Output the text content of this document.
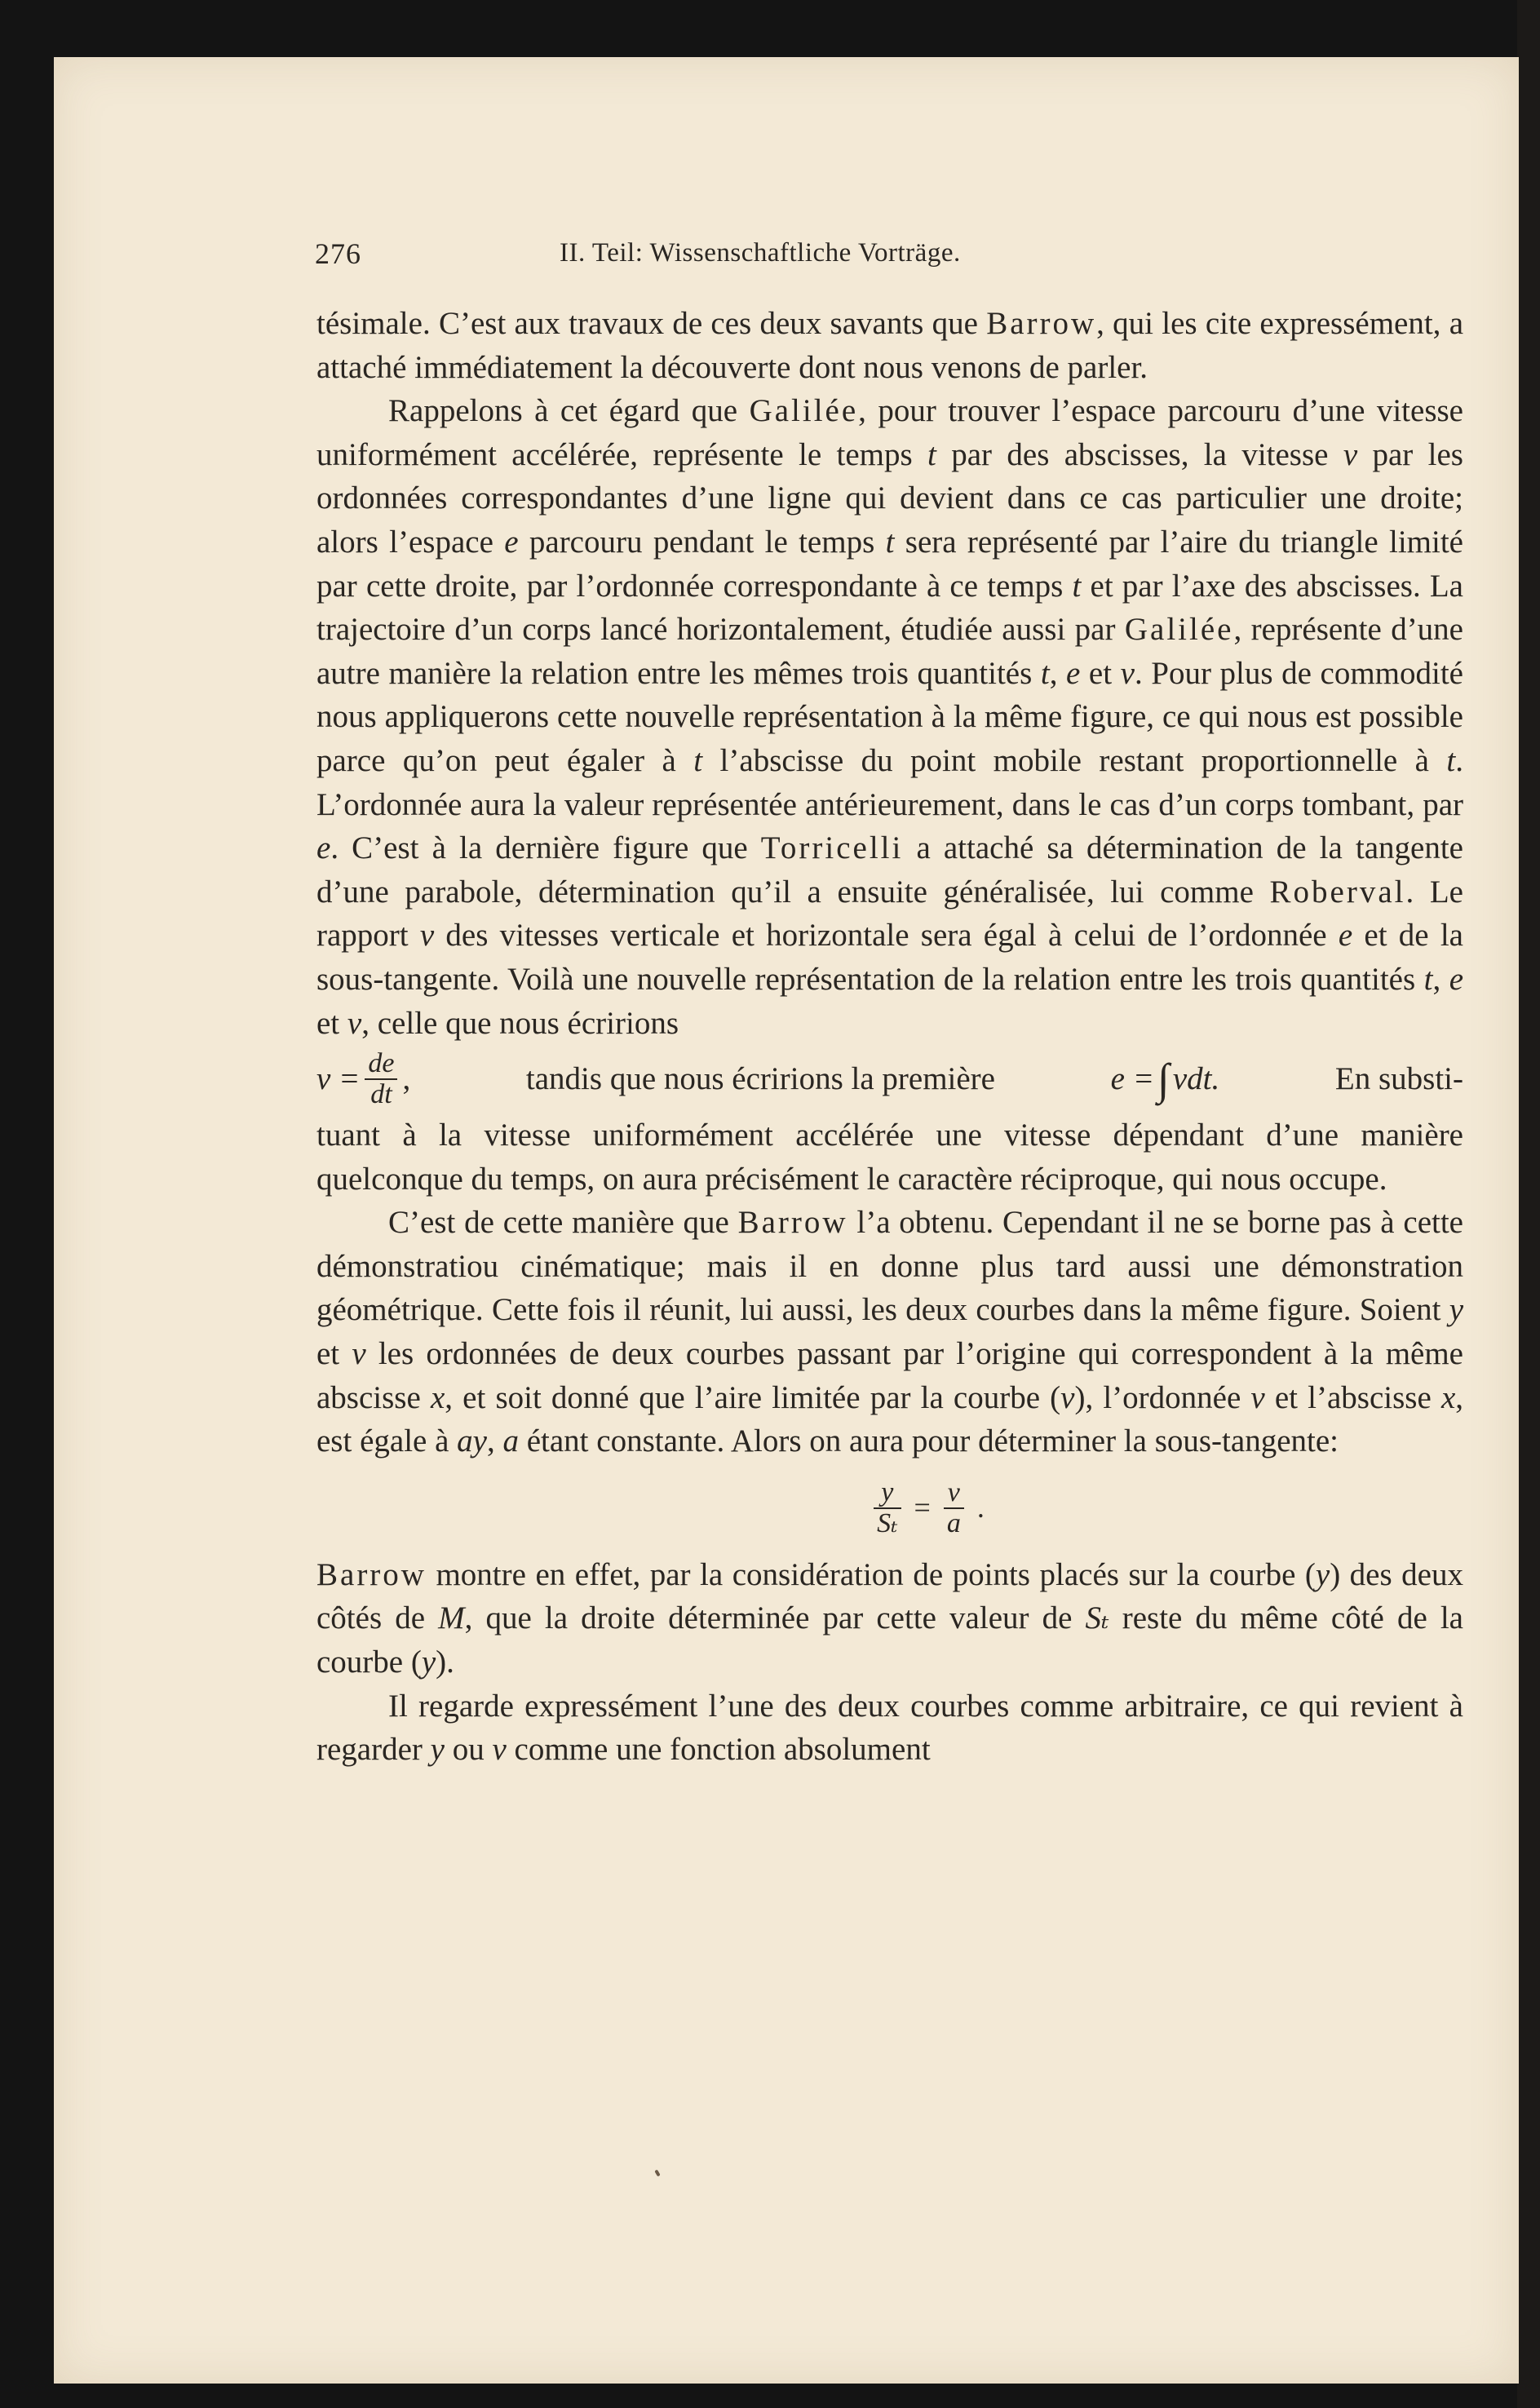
276	II. Teil: Wissenschaftliche Vorträge.

tésimale. C’est aux travaux de ces deux savants que Barrow, qui les cite expressément, a attaché immédiatement la découverte dont nous venons de parler.

Rappelons à cet égard que Galilée, pour trouver l’espace parcouru d’une vitesse uniformément accélérée, représente le temps t par des abscisses, la vitesse v par les ordonnées correspondantes d’une ligne qui devient dans ce cas particulier une droite; alors l’espace e parcouru pendant le temps t sera représenté par l’aire du triangle limité par cette droite, par l’ordonnée correspondante à ce temps t et par l’axe des abscisses. La trajectoire d’un corps lancé horizontalement, étudiée aussi par Galilée, représente d’une autre manière la relation entre les mêmes trois quantités t, e et v. Pour plus de commodité nous appliquerons cette nouvelle représentation à la même figure, ce qui nous est possible parce qu’on peut égaler à t l’abscisse du point mobile restant proportionnelle à t. L’ordonnée aura la valeur représentée antérieurement, dans le cas d’un corps tombant, par e. C’est à la dernière figure que Torricelli a attaché sa détermination de la tangente d’une parabole, détermination qu’il a ensuite généralisée, lui comme Roberval. Le rapport v des vitesses verticale et horizontale sera égal à celui de l’ordonnée e et de la sous-tangente. Voilà une nouvelle représentation de la relation entre les trois quantités t, e et v, celle que nous écririons

$v = \frac{de}{dt}$ ,	tandis que nous écririons la première	e = ∫ vdt.	En substi-

tuant à la vitesse uniformément accélérée une vitesse dépendant d’une manière quelconque du temps, on aura précisément le caractère réciproque, qui nous occupe.

C’est de cette manière que Barrow l’a obtenu. Cependant il ne se borne pas à cette démonstratiou cinématique; mais il en donne plus tard aussi une démonstration géométrique. Cette fois il réunit, lui aussi, les deux courbes dans la même figure. Soient y et v les ordonnées de deux courbes passant par l’origine qui correspondent à la même abscisse x, et soit donné que l’aire limitée par la courbe (v), l’ordonnée v et l’abscisse x, est égale à ay, a étant constante. Alors on aura pour déterminer la sous-tangente:

$\frac{y}{\text{Sₜ}} = \frac{v}{a}$ .

Barrow montre en effet, par la considération de points placés sur la courbe (y) des deux côtés de M, que la droite déterminée par cette valeur de Sₜ reste du même côté de la courbe (y).

Il regarde expressément l’une des deux courbes comme arbitraire, ce qui revient à regarder y ou v comme une fonction absolument
